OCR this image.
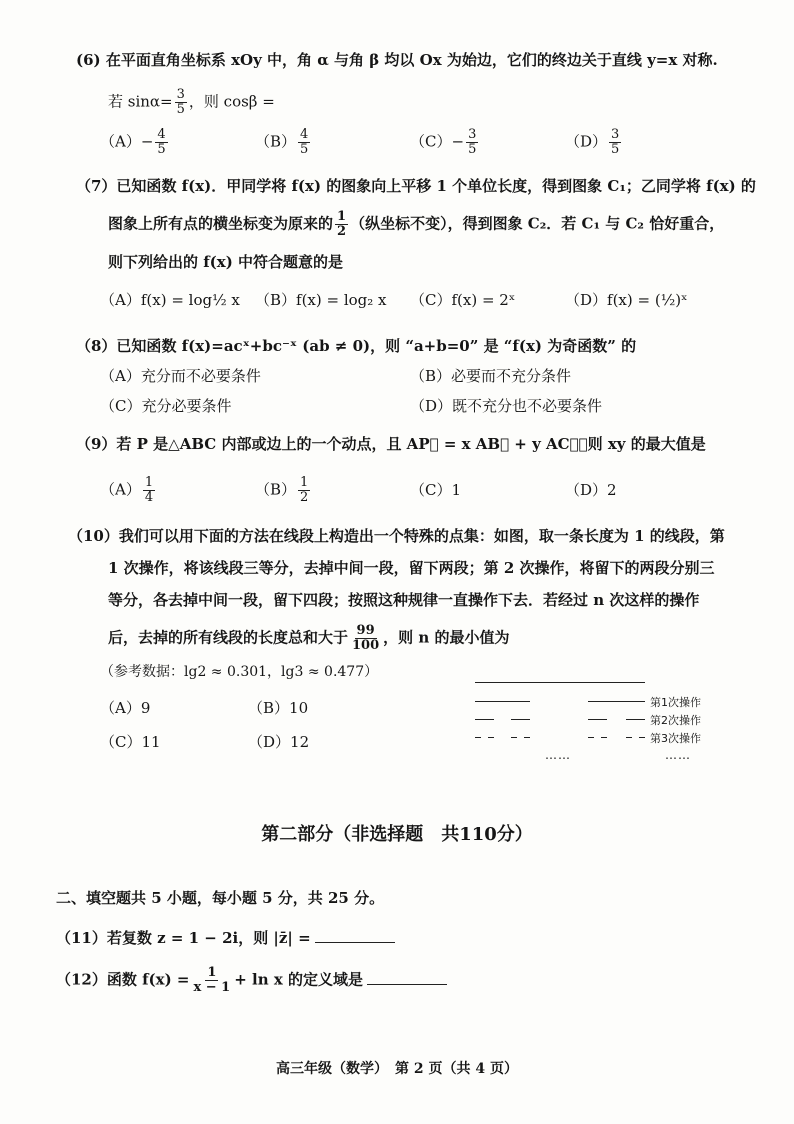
(6) 在平面直角坐标系 xOy 中，角 α 与角 β 均以 Ox 为始边，它们的终边关于直线 y=x 对称.
若 $\sin\alpha= \frac{3}{5}$ ，则 cosβ =
$(A)- \frac{4}{5}$	$(B) \frac{4}{5}$	$(C)- \frac{3}{5}$	$(D) \frac{3}{5}$
（7）已知函数 f(x)．甲同学将 f(x) 的图象向上平移 1 个单位长度，得到图象 C₁；乙同学将 f(x) 的
图象上所有点的横坐标变为原来的 $\frac{1}{2}$ （纵坐标不变），得到图象 C₂．若 C₁ 与 C₂ 恰好重合，
则下列给出的 f(x) 中符合题意的是
（A）f(x) = log½ x （B）f(x) = log₂ x （C）f(x) = 2ˣ	（D）f(x) = (½)ˣ
（8）已知函数 f(x)=acˣ+bc⁻ˣ (ab ≠ 0)，则 “a+b=0” 是 “f(x) 为奇函数” 的
（A）充分而不必要条件	（B）必要而不充分条件
（C）充分必要条件	（D）既不充分也不必要条件
（9）若 P 是△ABC 内部或边上的一个动点，且 AP⃗ = x AB⃗ + y AC⃗，则 xy 的最大值是
$(A) \frac{1}{4}$	$(B) \frac{1}{2}$	（C）1	（D）2
（10）我们可以用下面的方法在线段上构造出一个特殊的点集：如图，取一条长度为 1 的线段，第
1 次操作，将该线段三等分，去掉中间一段，留下两段；第 2 次操作，将留下的两段分别三
等分，各去掉中间一段，留下四段；按照这种规律一直操作下去．若经过 n 次这样的操作
后，去掉的所有线段的长度总和大于 $\frac{99}{100}$ ，则 n 的最小值为
（参考数据：lg2 ≈ 0.301，lg3 ≈ 0.477）
（A）9	（B）10
（C）11	（D）12
第1次操作
第2次操作
第3次操作
……	……
第二部分（非选择题　共110分）
二、填空题共 5 小题，每小题 5 分，共 25 分。
（11）若复数 z = 1 − 2i，则 |z̄| =
（12）函数 $f(x) = \frac{1}{x - 1} + \ln x$ 的定义域是
高三年级（数学）　第 2 页（共 4 页）
